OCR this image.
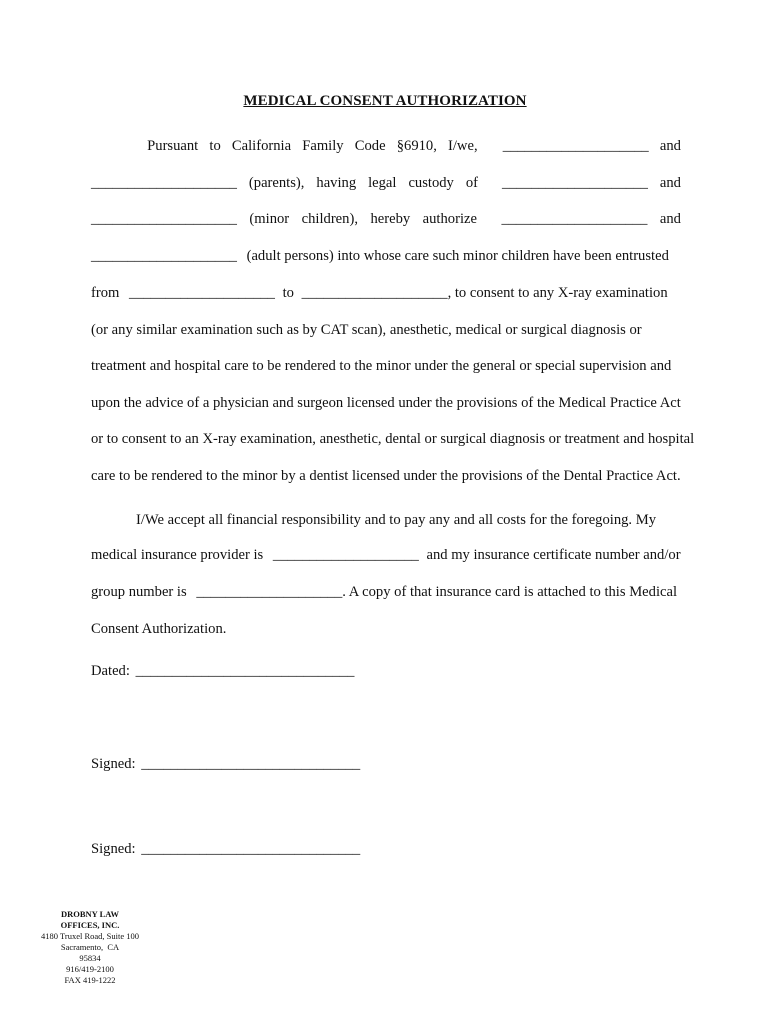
MEDICAL CONSENT AUTHORIZATION
Pursuant to California Family Code §6910, I/we, ____________________ and
____________________ (parents), having legal custody of ____________________ and
____________________ (minor children), hereby authorize ____________________ and
____________________ (adult persons) into whose care such minor children have been entrusted
from ____________________ to ____________________, to consent to any X-ray examination
(or any similar examination such as by CAT scan), anesthetic, medical or surgical diagnosis or
treatment and hospital care to be rendered to the minor under the general or special supervision and
upon the advice of a physician and surgeon licensed under the provisions of the Medical Practice Act
or to consent to an X-ray examination, anesthetic, dental or surgical diagnosis or treatment and hospital
care to be rendered to the minor by a dentist licensed under the provisions of the Dental Practice Act.
I/We accept all financial responsibility and to pay any and all costs for the foregoing. My
medical insurance provider is ____________________ and my insurance certificate number and/or
group number is ____________________. A copy of that insurance card is attached to this Medical
Consent Authorization.
Dated: ______________________________
Signed: ______________________________
Signed: ______________________________
DROBNY LAW
OFFICES, INC.
4180 Truxel Road, Suite 100
Sacramento,  CA
95834
916/419-2100
FAX 419-1222
